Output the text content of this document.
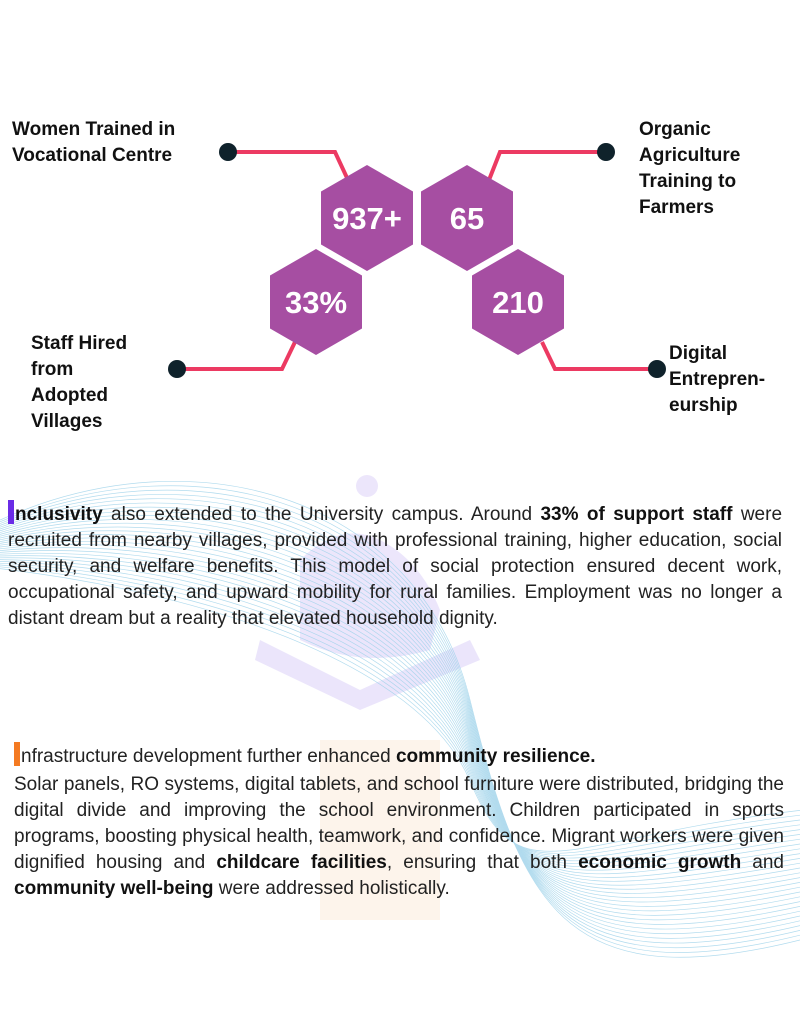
937+ 65
33%	210
Women Trained in
Vocational Centre
Organic
Agriculture
Training to
Farmers
Staff Hired
from
Adopted
Villages
Digital
Entrepren-
eurship
nclusivity also extended to the University campus. Around 33% of support staff were recruited from nearby villages, provided with professional training, higher education, social security, and welfare benefits. This model of social protection ensured decent work, occupational safety, and upward mobility for rural families. Employment was no longer a distant dream but a reality that elevated household dignity.
nfrastructure development further enhanced community resilience.
Solar panels, RO systems, digital tablets, and school furniture were distributed, bridging the digital divide and improving the school environment. Children participated in sports programs, boosting physical health, teamwork, and confidence. Migrant workers were given dignified housing and childcare facilities, ensuring that both economic growth and community well-being were addressed holistically.
